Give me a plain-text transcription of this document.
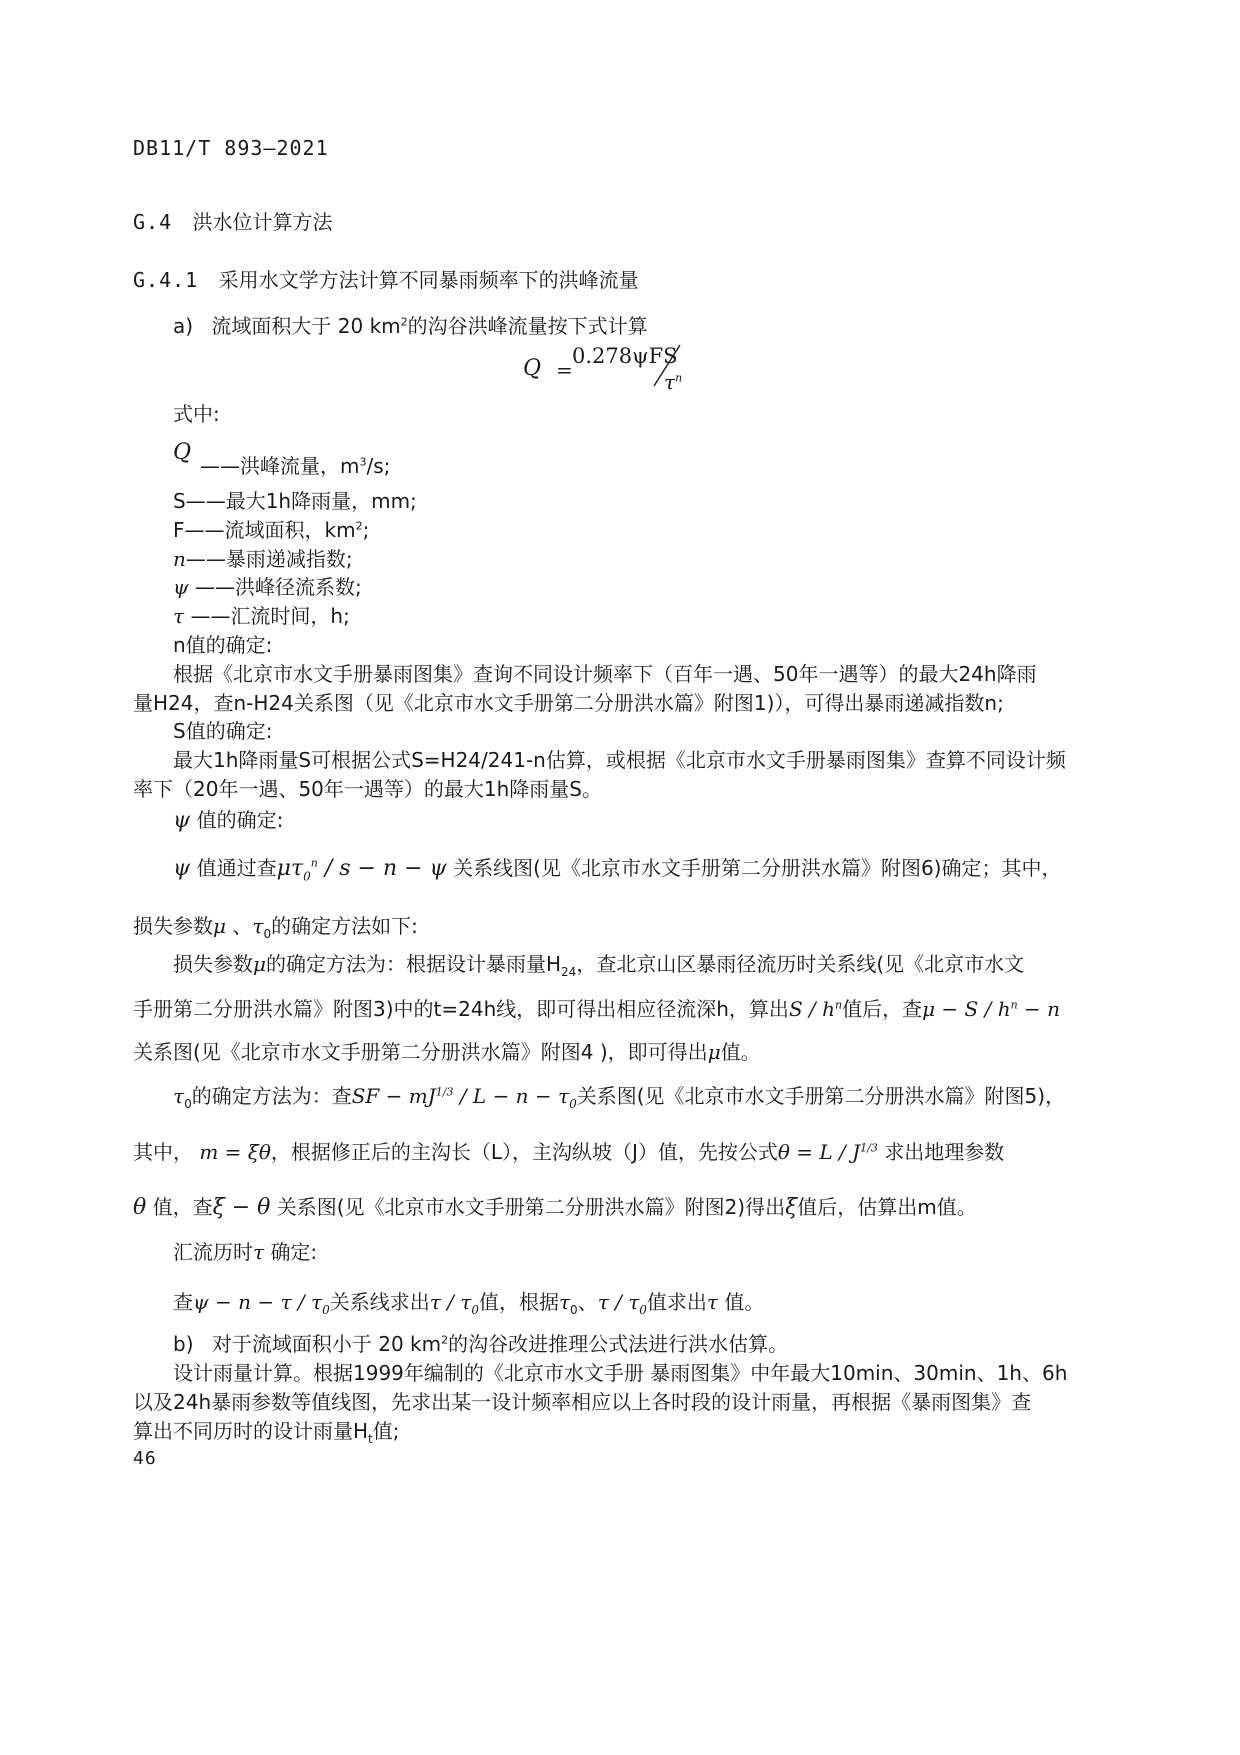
DB11/T 893—2021
G.4 洪水位计算方法
G.4.1 采用水文学方法计算不同暴雨频率下的洪峰流量
a) 流域面积大于 20 $km^2$的沟谷洪峰流量按下式计算
Q =
0.278ψFS
$\tau^n$
式中:
Q
——洪峰流量，$m^3/s$;
S——最大1h降雨量，mm;
F——流域面积，$km^2$;
n——暴雨递减指数;
ψ ——洪峰径流系数;
τ ——汇流时间，h;
n值的确定:
根据《北京市水文手册暴雨图集》查询不同设计频率下（百年一遇、50年一遇等）的最大24h降雨
量H24，查n-H24关系图（见《北京市水文手册第二分册洪水篇》附图1)），可得出暴雨递减指数n;
S值的确定:
最大1h降雨量S可根据公式S=H24/241-n估算，或根据《北京市水文手册暴雨图集》查算不同设计频
率下（20年一遇、50年一遇等）的最大1h降雨量S。
ψ 值的确定:
ψ 值通过查$\mu\tau_0^n / s - n - \psi$ 关系线图(见《北京市水文手册第二分册洪水篇》附图6)确定；其中，
损失参数μ 、$\tau_0$的确定方法如下:
损失参数μ的确定方法为：根据设计暴雨量$H_{24}$，查北京山区暴雨径流历时关系线(见《北京市水文
手册第二分册洪水篇》附图3)中的t=24h线，即可得出相应径流深h，算出S / $h^n$值后，查$\mu - S / h^n - n$
关系图(见《北京市水文手册第二分册洪水篇》附图4 )，即可得出μ值。
$\tau_0$的确定方法为：查SF − $mJ^{1/3} / L - n - \tau_0$关系图(见《北京市水文手册第二分册洪水篇》附图5)，
其中， m = ξθ，根据修正后的主沟长（L），主沟纵坡（J）值，先按公式$\theta = L / J^{1/3}$ 求出地理参数
θ 值，查ξ − θ 关系图(见《北京市水文手册第二分册洪水篇》附图2)得出ξ值后，估算出m值。
汇流历时τ 确定:
查$\psi - n - \tau / \tau_0$关系线求出τ / $\tau_0$值，根据$\tau_0$、τ / $\tau_0$值求出τ 值。
b) 对于流域面积小于 20 $km^2$的沟谷改进推理公式法进行洪水估算。
设计雨量计算。根据1999年编制的《北京市水文手册 暴雨图集》中年最大10min、30min、1h、6h
以及24h暴雨参数等值线图，先求出某一设计频率相应以上各时段的设计雨量，再根据《暴雨图集》查
算出不同历时的设计雨量$H_t$值;
46
